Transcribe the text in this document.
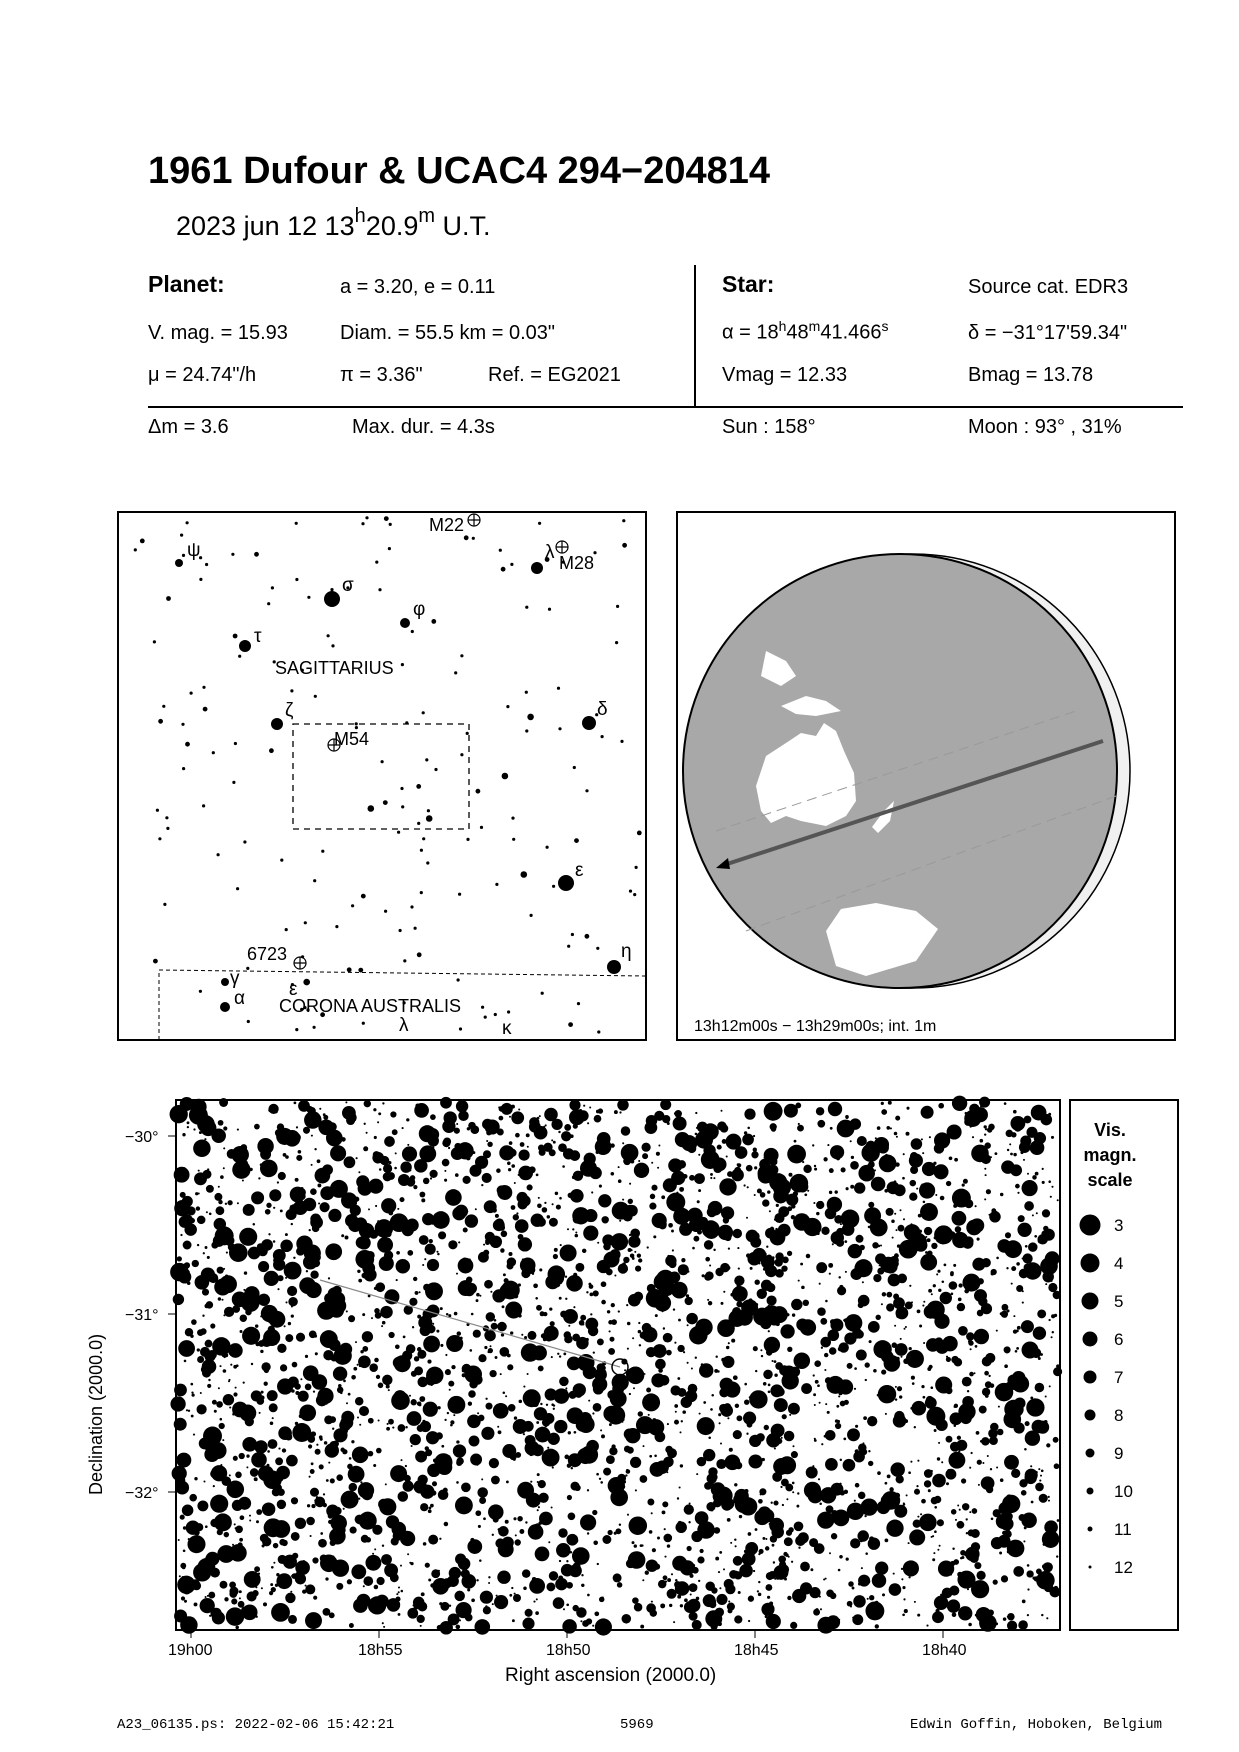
1961 Dufour & UCAC4 294−204814
2023 jun 12 13$^h$20.9$^m$ U.T.
Planet:	a = 3.20, e = 0.11	Star:	Source cat. EDR3
V. mag. = 15.93	Diam. = 55.5 km = 0.03"	$\alpha = 18^h48^m41.466^s$	δ = −31°17'59.34"
μ = 24.74"/h	π = 3.36"	Ref. = EG2021	Vmag = 12.33	Bmag = 13.78
Δm = 3.6	Max. dur. = 4.3s	Sun : 158°	Moon : 93° , 31%
M22
M28
M54
6723
SAGITTARIUS
CORONA AUSTRALIS
ψ
σ
φ
λ
τ
ζ	δ
ε
η
γ
α ε
λ	κ	13h12m00s − 13h29m00s; int. 1m
19h00	18h55	18h50	18h45	18h40
−30°
−31°
−32°
Right ascension (2000.0)
Declination (2000.0)
Vis.
magn.
scale
3
4
5
6
7
8
9
10
11
12
A23_06135.ps: 2022-02-06 15:42:21	5969	Edwin Goffin, Hoboken, Belgium
